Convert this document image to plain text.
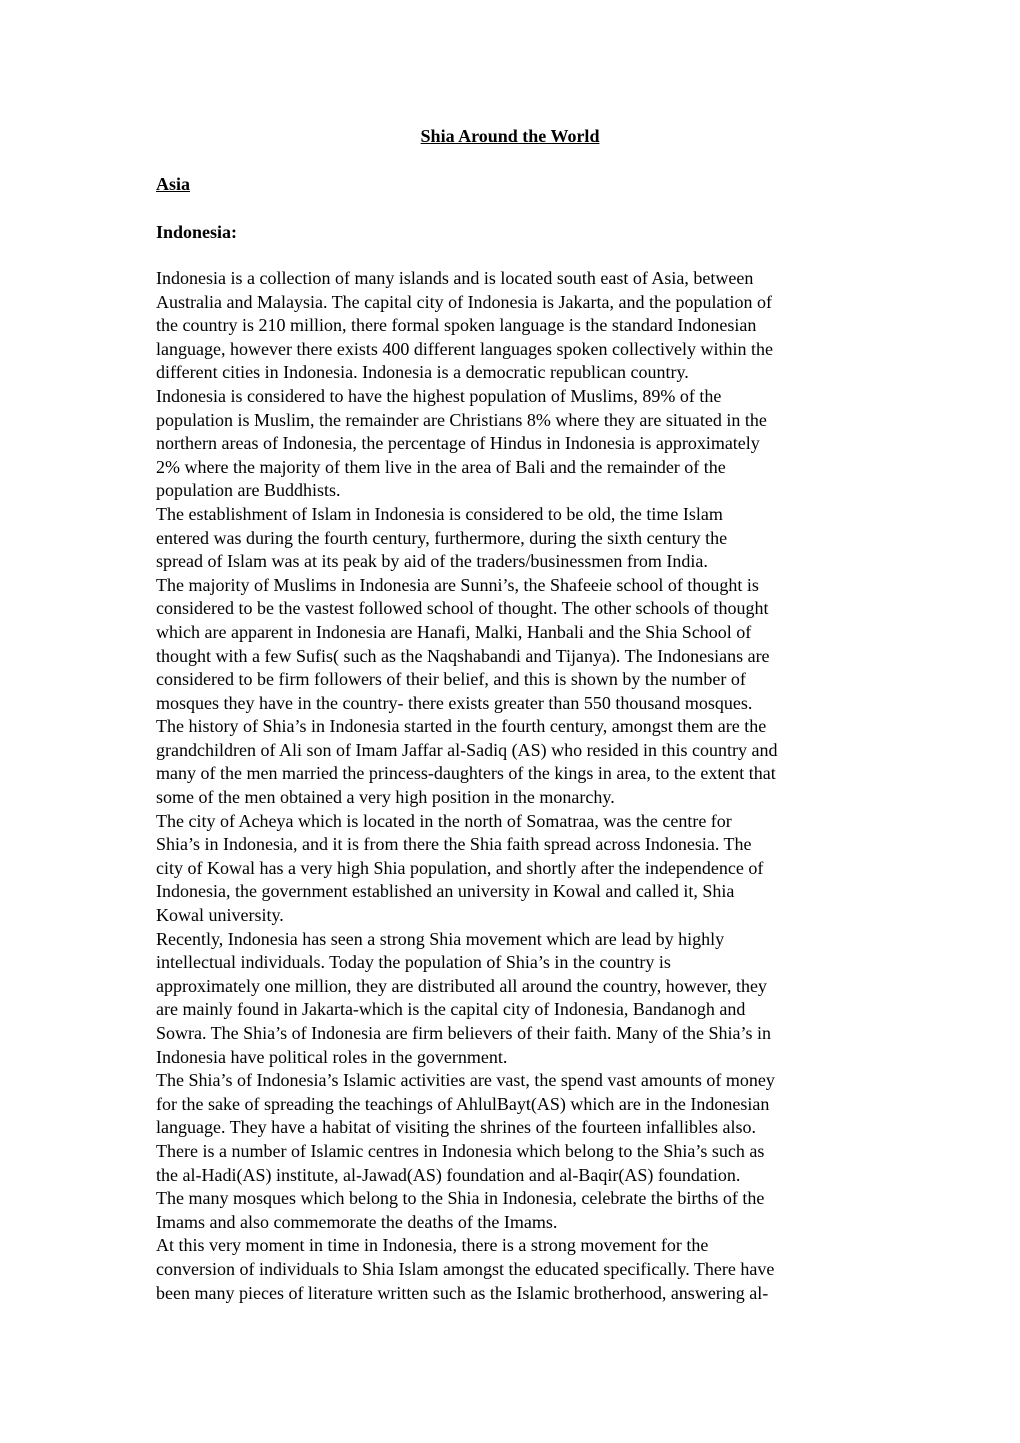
Shia Around the World
Asia
Indonesia:
Indonesia is a collection of many islands and is located south east of Asia, between
Australia and Malaysia. The capital city of Indonesia is Jakarta, and the population of
the country is 210 million, there formal spoken language is the standard Indonesian
language, however there exists 400 different languages spoken collectively within the
different cities in Indonesia. Indonesia is a democratic republican country.
Indonesia is considered to have the highest population of Muslims, 89% of the
population is Muslim, the remainder are Christians 8% where they are situated in the
northern areas of Indonesia, the percentage of Hindus in Indonesia is approximately
2% where the majority of them live in the area of Bali and the remainder of the
population are Buddhists.
The establishment of Islam in Indonesia is considered to be old, the time Islam
entered was during the fourth century, furthermore, during the sixth century the
spread of Islam was at its peak by aid of the traders/businessmen from India.
The majority of Muslims in Indonesia are Sunni’s, the Shafeeie school of thought is
considered to be the vastest followed school of thought. The other schools of thought
which are apparent in Indonesia are Hanafi, Malki, Hanbali and the Shia School of
thought with a few Sufis( such as the Naqshabandi and Tijanya). The Indonesians are
considered to be firm followers of their belief, and this is shown by the number of
mosques they have in the country- there exists greater than 550 thousand mosques.
The history of Shia’s in Indonesia started in the fourth century, amongst them are the
grandchildren of Ali son of Imam Jaffar al-Sadiq (AS) who resided in this country and
many of the men married the princess-daughters of the kings in area, to the extent that
some of the men obtained a very high position in the monarchy.
The city of Acheya which is located in the north of Somatraa, was the centre for
Shia’s in Indonesia, and it is from there the Shia faith spread across Indonesia. The
city of Kowal has a very high Shia population, and shortly after the independence of
Indonesia, the government established an university in Kowal and called it, Shia
Kowal university.
Recently, Indonesia has seen a strong Shia movement which are lead by highly
intellectual individuals. Today the population of Shia’s in the country is
approximately one million, they are distributed all around the country, however, they
are mainly found in Jakarta-which is the capital city of Indonesia, Bandanogh and
Sowra. The Shia’s of Indonesia are firm believers of their faith. Many of the Shia’s in
Indonesia have political roles in the government.
The Shia’s of Indonesia’s Islamic activities are vast, the spend vast amounts of money
for the sake of spreading the teachings of AhlulBayt(AS) which are in the Indonesian
language. They have a habitat of visiting the shrines of the fourteen infallibles also.
There is a number of Islamic centres in Indonesia which belong to the Shia’s such as
the al-Hadi(AS) institute, al-Jawad(AS) foundation and al-Baqir(AS) foundation.
The many mosques which belong to the Shia in Indonesia, celebrate the births of the
Imams and also commemorate the deaths of the Imams.
At this very moment in time in Indonesia, there is a strong movement for the
conversion of individuals to Shia Islam amongst the educated specifically. There have
been many pieces of literature written such as the Islamic brotherhood, answering al-
